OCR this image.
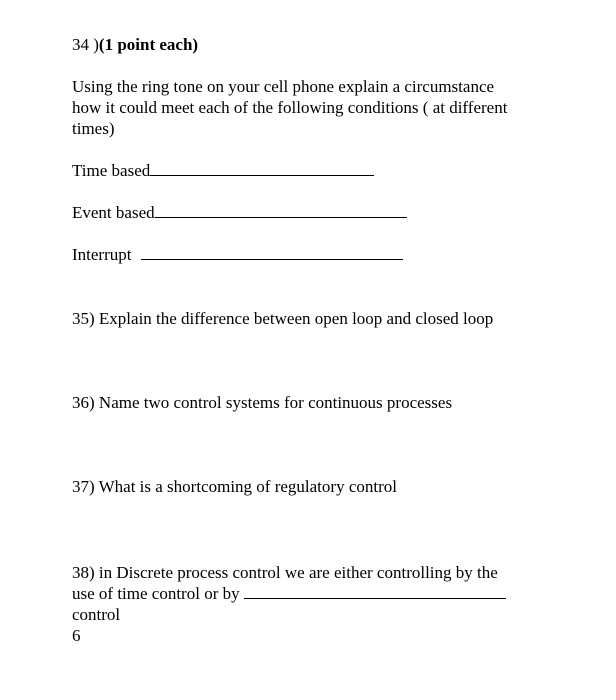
34 )(1 point each)
Using the ring tone on your cell phone explain a circumstance
how it could meet each of the following conditions ( at different
times)
Time based
Event based
Interrupt
35) Explain the difference between open loop and closed loop
36) Name two control systems for continuous processes
37) What is a shortcoming of regulatory control
38) in Discrete process control we are either controlling by the
use of time control or by
control
6
